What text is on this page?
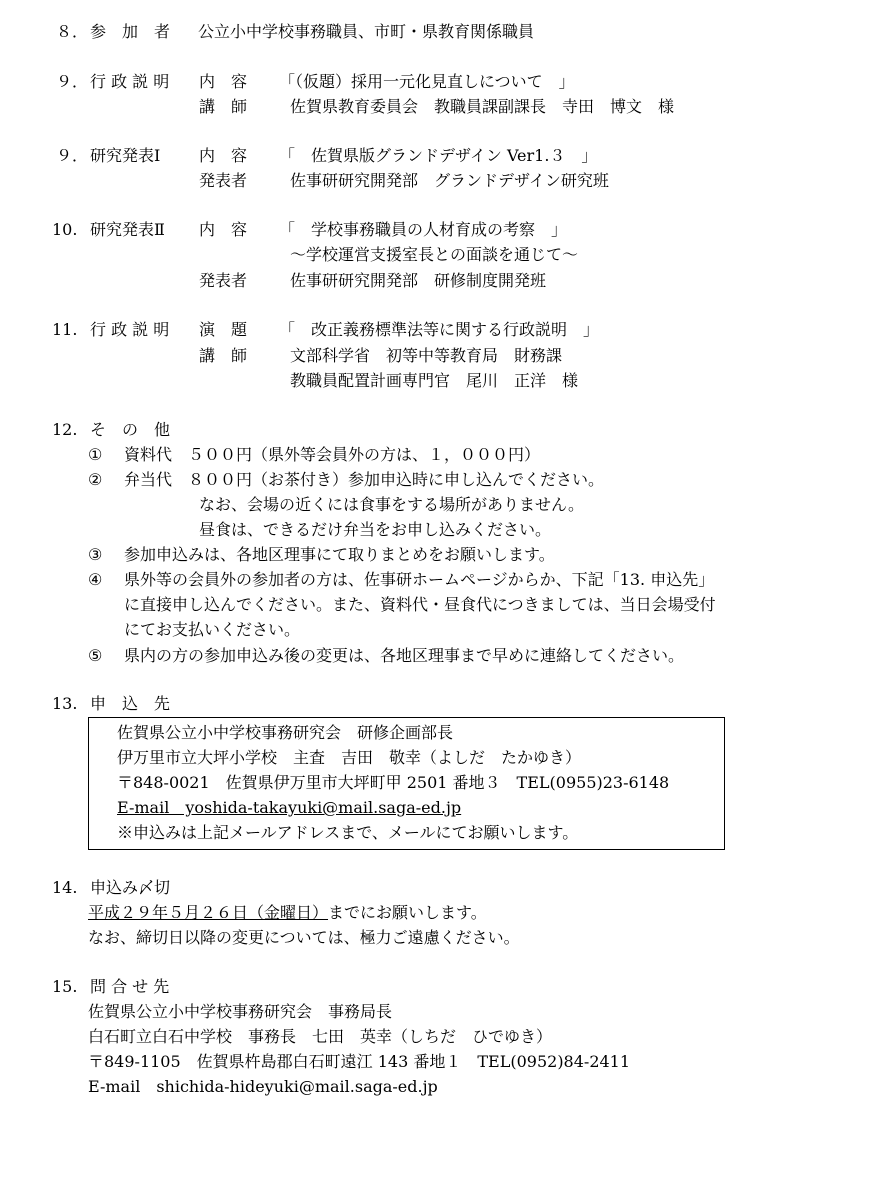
８． 参　加　者 公立小中学校事務職員、市町・県教育関係職員
９． 行 政 説 明 内　容 「（仮題）採用一元化見直しについて　」
講　師	佐賀県教育委員会　教職員課副課長　寺田　博文　様
９． 研究発表Ⅰ 内　容 「　佐賀県版グランドデザイン Ver1.３　」
発表者	佐事研研究開発部　グランドデザイン研究班
10. 研究発表Ⅱ 内　容 「　学校事務職員の人材育成の考察　」
～学校運営支援室長との面談を通じて～
発表者	佐事研研究開発部　研修制度開発班
11. 行 政 説 明 演　題 「　改正義務標準法等に関する行政説明　」
講　師	文部科学省　初等中等教育局　財務課
教職員配置計画専門官　尾川　正洋　様
12. そ　の　他
① 資料代　５００円（県外等会員外の方は、１，０００円）
② 弁当代　８００円（お茶付き）参加申込時に申し込んでください。
なお、会場の近くには食事をする場所がありません。
昼食は、できるだけ弁当をお申し込みください。
③ 参加申込みは、各地区理事にて取りまとめをお願いします。
④ 県外等の会員外の参加者の方は、佐事研ホームページからか、下記「13. 申込先」
に直接申し込んでください。また、資料代・昼食代につきましては、当日会場受付
にてお支払いください。
⑤ 県内の方の参加申込み後の変更は、各地区理事まで早めに連絡してください。
13. 申　込　先
佐賀県公立小中学校事務研究会　研修企画部長
伊万里市立大坪小学校　主査　吉田　敬幸（よしだ　たかゆき）
〒848-0021　佐賀県伊万里市大坪町甲 2501 番地３　TEL(0955)23-6148
E-mail　yoshida-takayuki@mail.saga-ed.jp
※申込みは上記メールアドレスまで、メールにてお願いします。
14. 申込み〆切
平成２９年５月２６日（金曜日）までにお願いします。
なお、締切日以降の変更については、極力ご遠慮ください。
15. 問 合 せ 先
佐賀県公立小中学校事務研究会　事務局長
白石町立白石中学校　事務長　七田　英幸（しちだ　ひでゆき）
〒849-1105　佐賀県杵島郡白石町遠江 143 番地１　TEL(0952)84-2411
E-mail　shichida-hideyuki@mail.saga-ed.jp
